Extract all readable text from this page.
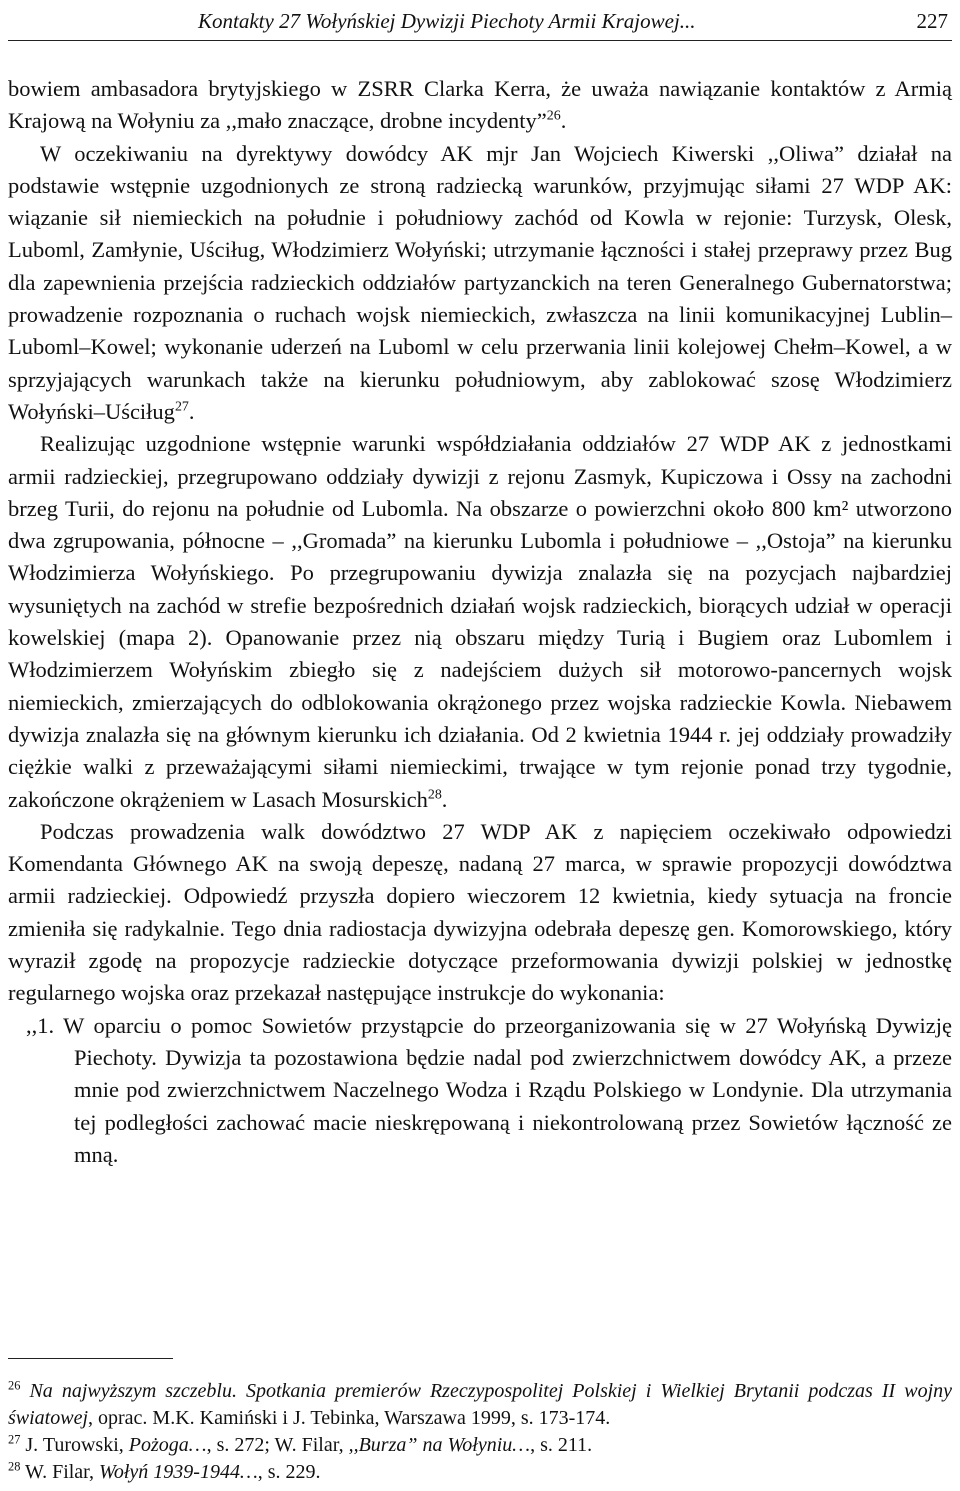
Kontakty 27 Wołyńskiej Dywizji Piechoty Armii Krajowej...	227

bowiem ambasadora brytyjskiego w ZSRR Clarka Kerra, że uważa nawiązanie kontaktów z Armią Krajową na Wołyniu za ,,mało znaczące, drobne incydenty”$^{26}$.

W oczekiwaniu na dyrektywy dowódcy AK mjr Jan Wojciech Kiwerski ,,Oliwa” działał na podstawie wstępnie uzgodnionych ze stroną radziecką warunków, przyjmując siłami 27 WDP AK: wiązanie sił niemieckich na południe i południowy zachód od Kowla w rejonie: Turzysk, Olesk, Luboml, Zamłynie, Uściług, Włodzimierz Wołyński; utrzymanie łączności i stałej przeprawy przez Bug dla zapewnienia przejścia radzieckich oddziałów partyzanckich na teren Generalnego Gubernatorstwa; prowadzenie rozpoznania o ruchach wojsk niemieckich, zwłaszcza na linii komunikacyjnej Lublin–Luboml–Kowel; wykonanie uderzeń na Luboml w celu przerwania linii kolejowej Chełm–Kowel, a w sprzyjających warunkach także na kierunku południowym, aby zablokować szosę Włodzimierz Wołyński–Uściług$^{27}$.

Realizując uzgodnione wstępnie warunki współdziałania oddziałów 27 WDP AK z jednostkami armii radzieckiej, przegrupowano oddziały dywizji z rejonu Zasmyk, Kupiczowa i Ossy na zachodni brzeg Turii, do rejonu na południe od Lubomla. Na obszarze o powierzchni około 800 km² utworzono dwa zgrupowania, północne – ,,Gromada” na kierunku Lubomla i południowe – ,,Ostoja” na kierunku Włodzimierza Wołyńskiego. Po przegrupowaniu dywizja znalazła się na pozycjach najbardziej wysuniętych na zachód w strefie bezpośrednich działań wojsk radzieckich, biorących udział w operacji kowelskiej (mapa 2). Opanowanie przez nią obszaru między Turią i Bugiem oraz Lubomlem i Włodzimierzem Wołyńskim zbiegło się z nadejściem dużych sił motorowo-pancernych wojsk niemieckich, zmierzających do odblokowania okrążonego przez wojska radzieckie Kowla. Niebawem dywizja znalazła się na głównym kierunku ich działania. Od 2 kwietnia 1944 r. jej oddziały prowadziły ciężkie walki z przeważającymi siłami niemieckimi, trwające w tym rejonie ponad trzy tygodnie, zakończone okrążeniem w Lasach Mosurskich$^{28}$.

Podczas prowadzenia walk dowództwo 27 WDP AK z napięciem oczekiwało odpowiedzi Komendanta Głównego AK na swoją depeszę, nadaną 27 marca, w sprawie propozycji dowództwa armii radzieckiej. Odpowiedź przyszła dopiero wieczorem 12 kwietnia, kiedy sytuacja na froncie zmieniła się radykalnie. Tego dnia radiostacja dywizyjna odebrała depeszę gen. Komorowskiego, który wyraził zgodę na propozycje radzieckie dotyczące przeformowania dywizji polskiej w jednostkę regularnego wojska oraz przekazał następujące instrukcje do wykonania:

,,1. W oparciu o pomoc Sowietów przystąpcie do przeorganizowania się w 27 Wołyńską Dywizję Piechoty. Dywizja ta pozostawiona będzie nadal pod zwierzchnictwem dowódcy AK, a przeze mnie pod zwierzchnictwem Naczelnego Wodza i Rządu Polskiego w Londynie. Dla utrzymania tej podległości zachować macie nieskrępowaną i niekontrolowaną przez Sowietów łączność ze mną.

$^{26}$ Na najwyższym szczeblu. Spotkania premierów Rzeczypospolitej Polskiej i Wielkiej Brytanii podczas II wojny światowej, oprac. M.K. Kamiński i J. Tebinka, Warszawa 1999, s. 173-174.

$^{27}$ J. Turowski, Pożoga…, s. 272; W. Filar, ,,Burza” na Wołyniu…, s. 211.

$^{28}$ W. Filar, Wołyń 1939-1944…, s. 229.
